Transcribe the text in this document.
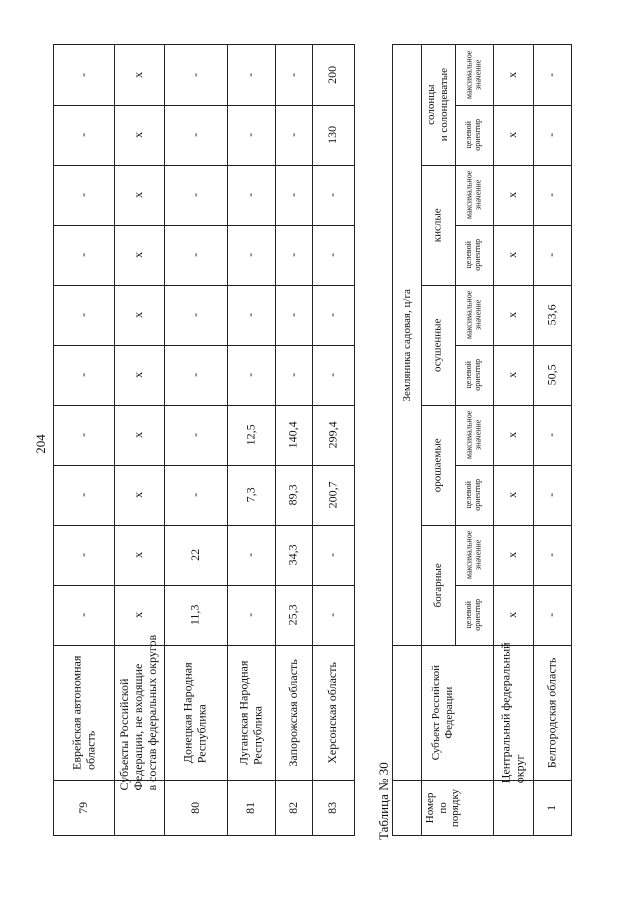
204
-
-
-
-
-
-
-
-
-
-
Еврейская автономная
область
79
х
х
х
х
х
х
х
х
х
х
Субъекты Российской
Федерации, не входящие
в состав федеральных округов
11,3
22
-
-
-
-
-
-
-
-
Донецкая Народная
Республика
80
-
-
7,3
12,5
-
-
-
-
-
-
Луганская Народная
Республика
81
25,3
34,3
89,3
140,4
-
-
-
-
-
-
Запорожская область
82
-
-
200,7
299,4
-
-
-
-
130
200
Херсонская область
83	Таблица № 30
Земляника садовая, ц/га
богарные
орошаемые
осушенные
кислые
солонцы
и солонцеватые
целевой
ориентир
максимальное
значение
целевой
ориентир
максимальное
значение
целевой
ориентир
максимальное
значение
целевой
ориентир
максимальное
значение
целевой
ориентир
максимальное
значение
Субъект Российской
Федерации
Номер
по
порядку
х
х
х
х
х
х
х
х
х
х
Центральный федеральный
округ
-
-
-
-
50,5
53,6
-
-
-
-
Белгородская область
1
